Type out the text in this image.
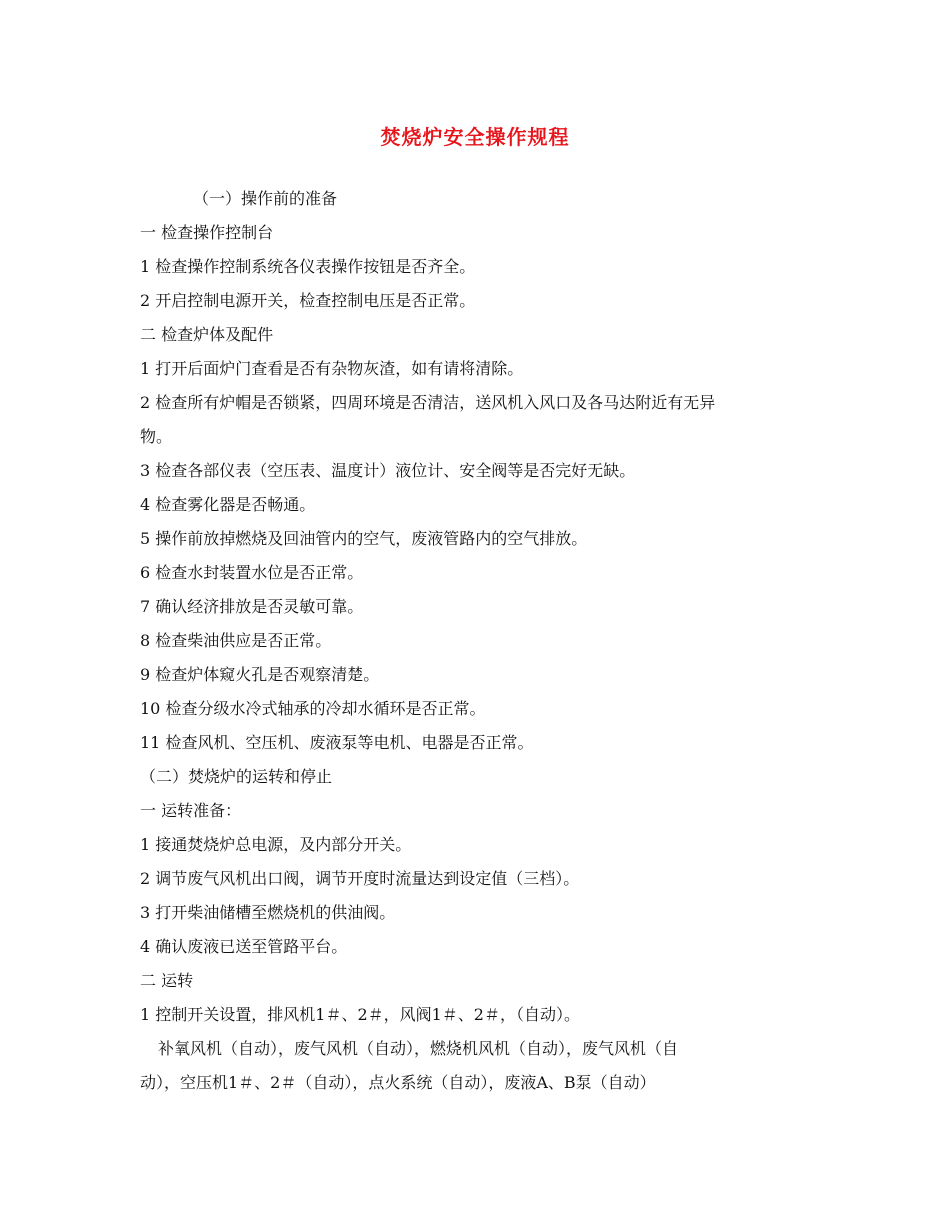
焚烧炉安全操作规程
（一）操作前的准备
一 检查操作控制台
1 检查操作控制系统各仪表操作按钮是否齐全。
2 开启控制电源开关，检查控制电压是否正常。
二 检查炉体及配件
1 打开后面炉门查看是否有杂物灰渣，如有请将清除。
2 检查所有炉帽是否锁紧，四周环境是否清洁，送风机入风口及各马达附近有无异
物。
3 检查各部仪表（空压表、温度计）液位计、安全阀等是否完好无缺。
4 检查雾化器是否畅通。
5 操作前放掉燃烧及回油管内的空气，废液管路内的空气排放。
6 检查水封装置水位是否正常。
7 确认经济排放是否灵敏可靠。
8 检查柴油供应是否正常。
9 检查炉体窥火孔是否观察清楚。
10 检查分级水冷式轴承的冷却水循环是否正常。
11 检查风机、空压机、废液泵等电机、电器是否正常。
（二）焚烧炉的运转和停止
一 运转准备：
1 接通焚烧炉总电源，及内部分开关。
2 调节废气风机出口阀，调节开度时流量达到设定值（三档）。
3 打开柴油储槽至燃烧机的供油阀。
4 确认废液已送至管路平台。
二 运转
1 控制开关设置，排风机1＃、2＃，风阀1＃、2＃，（自动）。
补氧风机（自动），废气风机（自动），燃烧机风机（自动），废气风机（自
动），空压机1＃、2＃（自动），点火系统（自动），废液A、B泵（自动）
